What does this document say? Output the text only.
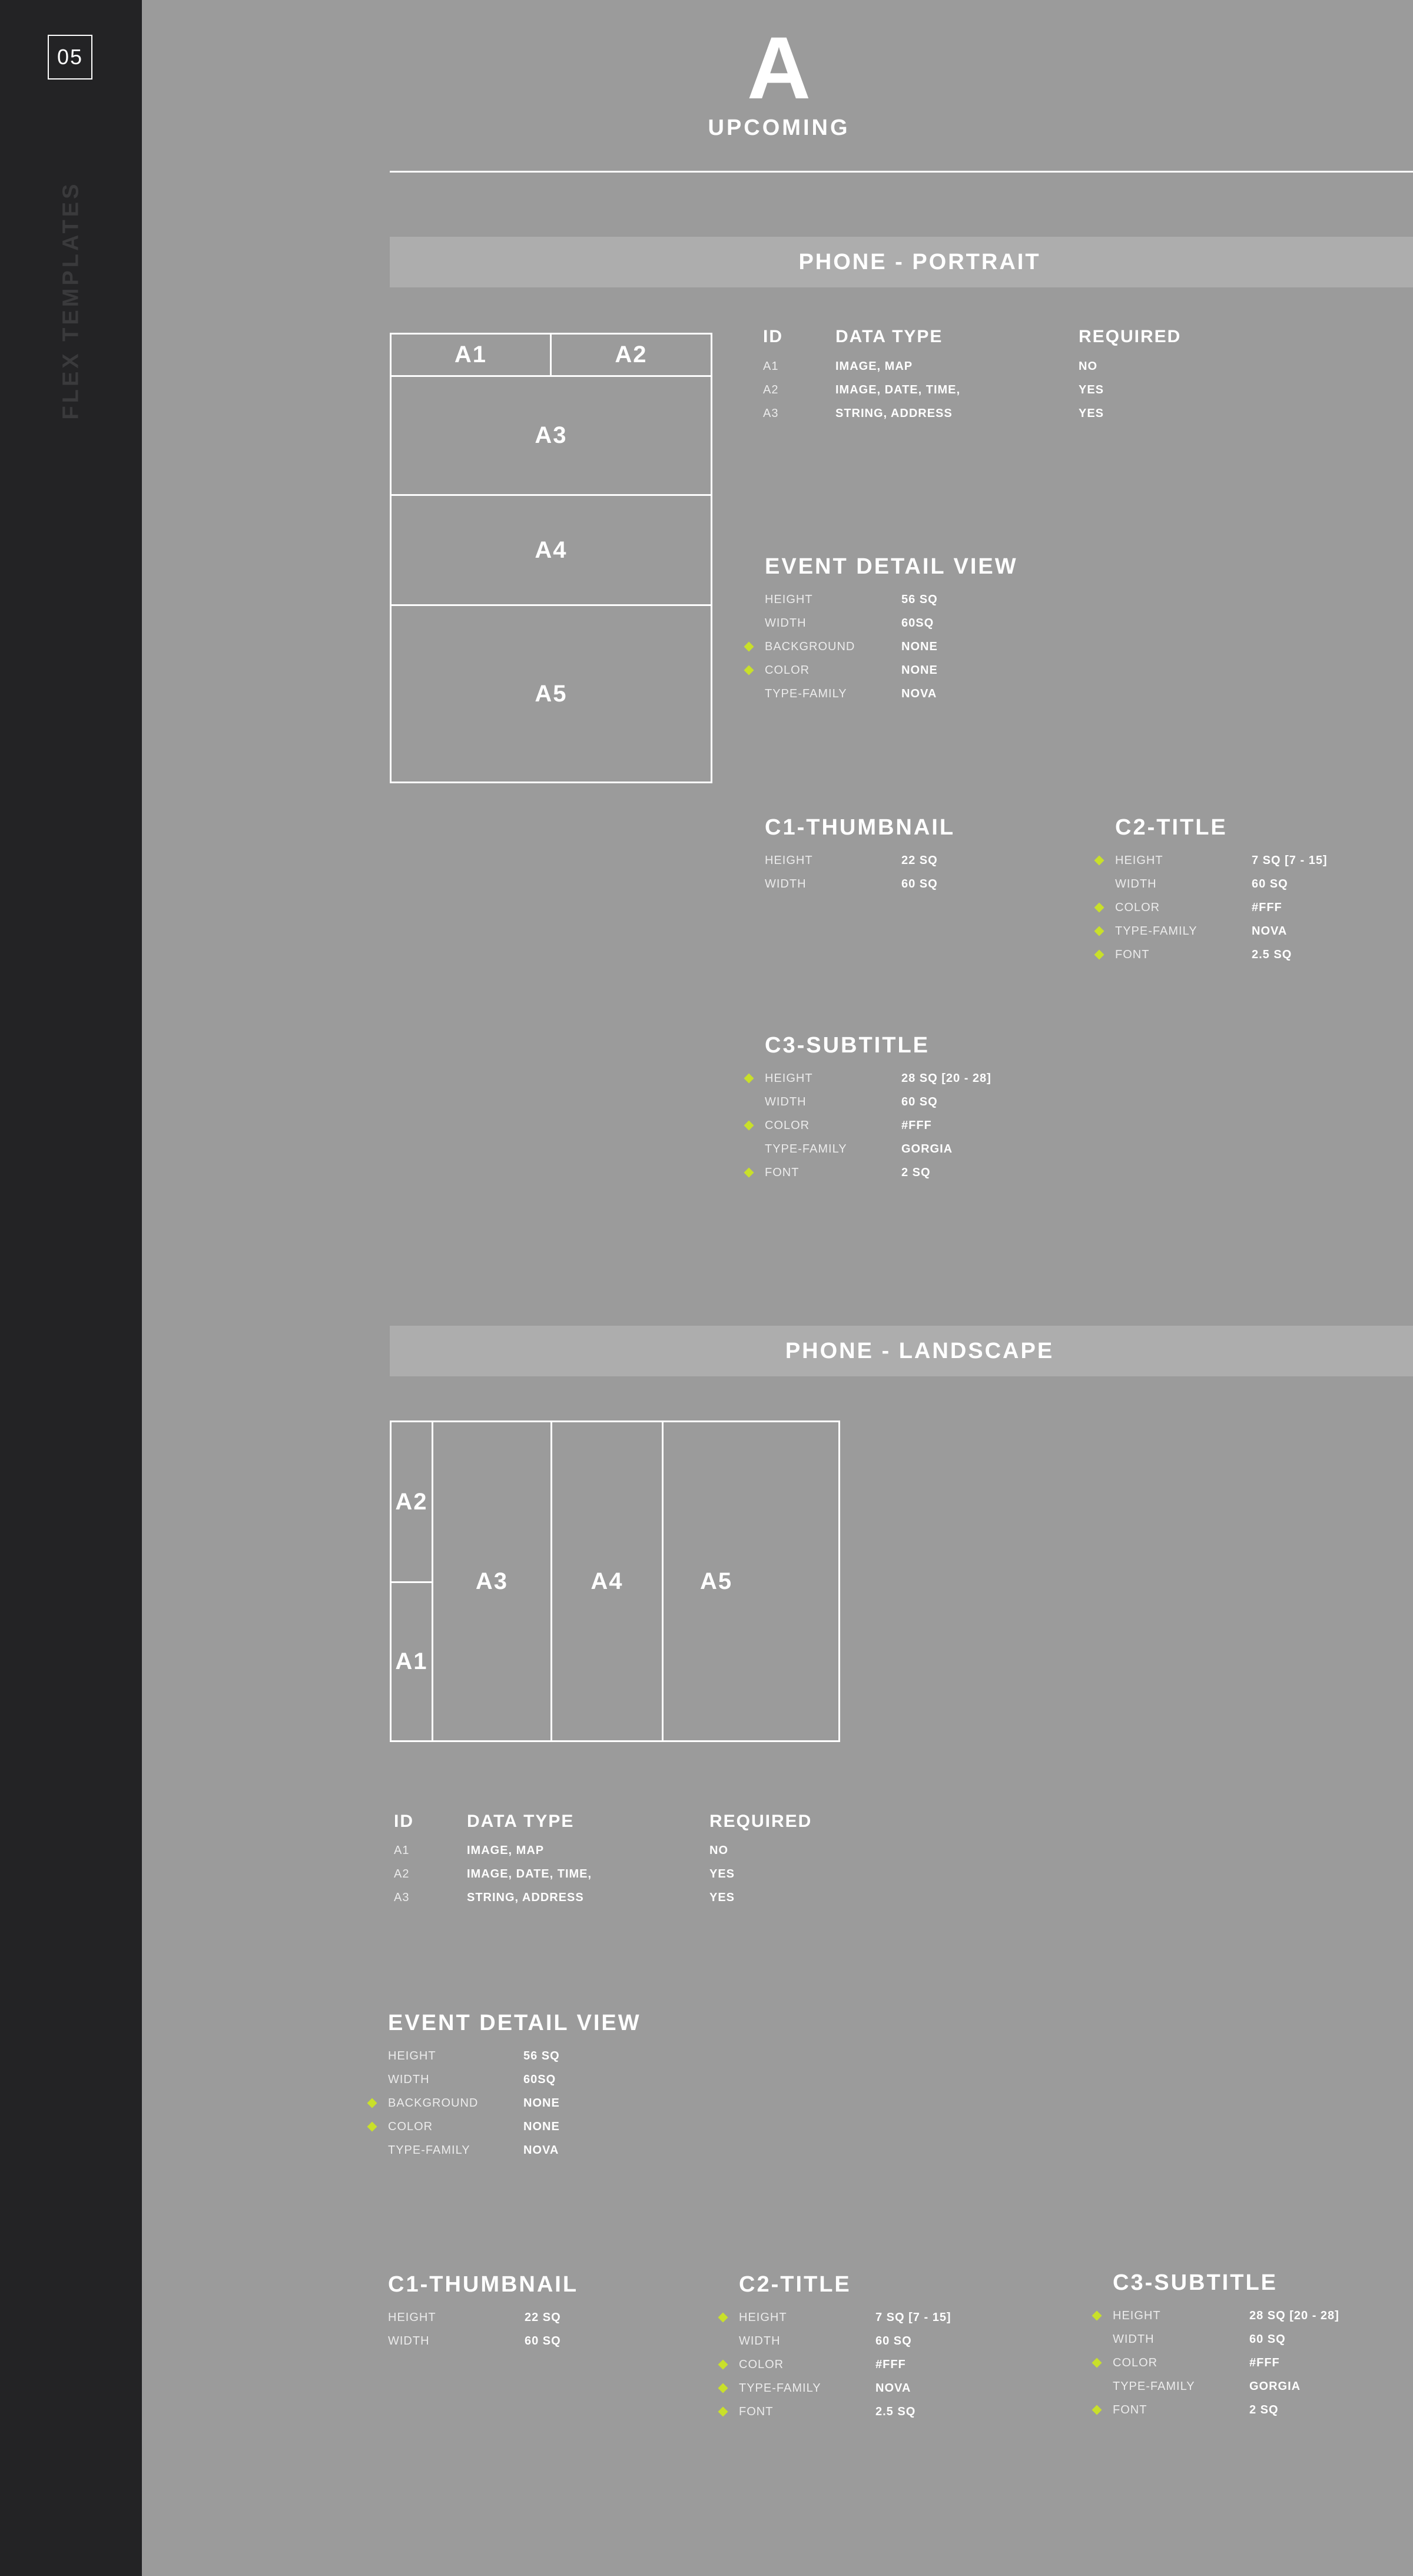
05
FLEX TEMPLATES
A
UPCOMING
PHONE - PORTRAIT
A1	A2
A3
A4
A5
ID	DATA TYPE	REQUIRED
A1	IMAGE, MAP	NO
A2	IMAGE, DATE, TIME,	YES
A3	STRING, ADDRESS	YES
PHONE - LANDSCAPE
A2
A1
A3	A4	A5
ID	DATA TYPE	REQUIRED
A1	IMAGE, MAP	NO
A2	IMAGE, DATE, TIME,	YES
A3	STRING, ADDRESS	YES
EVENT DETAIL VIEW
HEIGHT	56 SQ
WIDTH	60SQ
BACKGROUND	NONE
COLOR	NONE
TYPE-FAMILY	NOVA
C1-THUMBNAIL
HEIGHT	22 SQ
WIDTH	60 SQ
C2-TITLE
HEIGHT	7 SQ [7 - 15]
WIDTH	60 SQ
COLOR	#FFF
TYPE-FAMILY	NOVA
FONT	2.5 SQ
C3-SUBTITLE
HEIGHT	28 SQ [20 - 28]
WIDTH	60 SQ
COLOR	#FFF
TYPE-FAMILY	GORGIA
FONT	2 SQ
EVENT DETAIL VIEW
HEIGHT	56 SQ
WIDTH	60SQ
BACKGROUND	NONE
COLOR	NONE
TYPE-FAMILY	NOVA
C1-THUMBNAIL
HEIGHT	22 SQ
WIDTH	60 SQ
C2-TITLE
HEIGHT	7 SQ [7 - 15]
WIDTH	60 SQ
COLOR	#FFF
TYPE-FAMILY	NOVA
FONT	2.5 SQ
C3-SUBTITLE
HEIGHT	28 SQ [20 - 28]
WIDTH	60 SQ
COLOR	#FFF
TYPE-FAMILY	GORGIA
FONT	2 SQ
